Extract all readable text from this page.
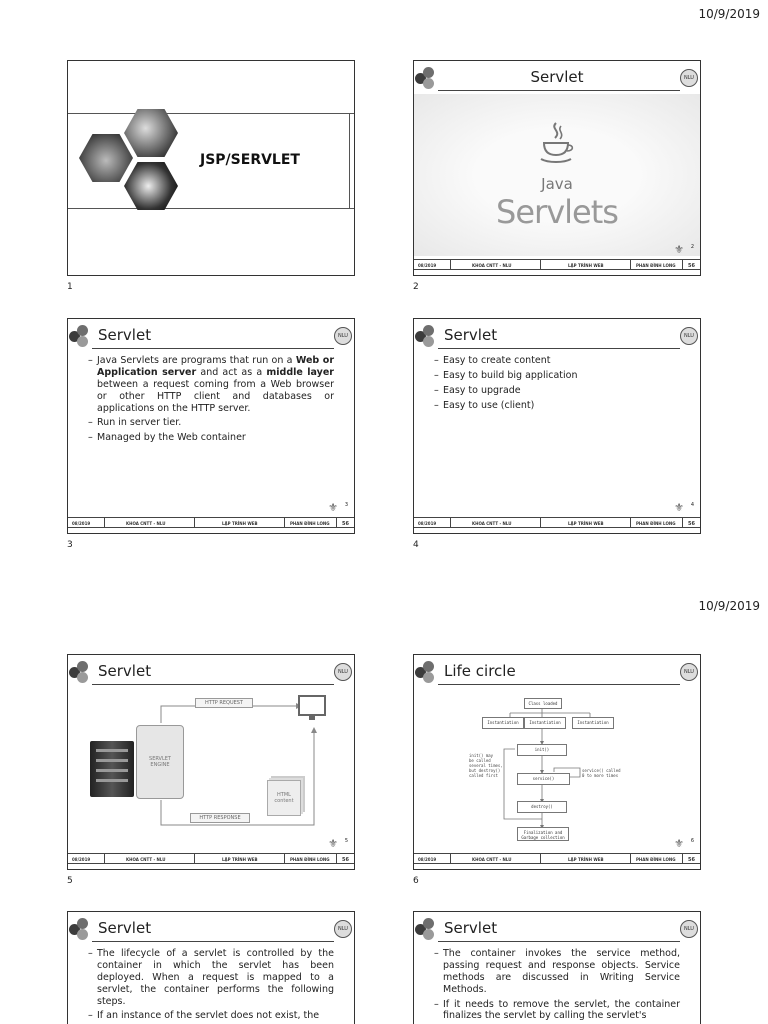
10/9/2019
10/9/2019
JSP/SERVLET
1
Servlet	NLU
Java
Servlets
⚜ 2
08/2019	KHOA CNTT - NLU	LẬP TRÌNH WEB	PHAN ĐÌNH LONG	56
2
Servlet	NLU
– Java Servlets are programs that run on a Web or Application server and act as a middle layer between a request coming from a Web browser or other HTTP client and databases or applications on the HTTP server.
– Run in server tier.
– Managed by the Web container
⚜ 3
08/2019	KHOA CNTT - NLU	LẬP TRÌNH WEB	PHAN ĐÌNH LONG	56
3
Servlet	NLU
– Easy to create content
– Easy to build big application
– Easy to upgrade
– Easy to use (client)
⚜ 4
08/2019	KHOA CNTT - NLU	LẬP TRÌNH WEB	PHAN ĐÌNH LONG	56
4
Servlet	NLU
HTTP REQUEST
HTTP RESPONSE
SERVLET
ENGINE
HTML
content
⚜ 5
08/2019	KHOA CNTT - NLU	LẬP TRÌNH WEB	PHAN ĐÌNH LONG	56
5
Life circle	NLU
Class loaded
Instantiation	Instantiation	Instantiation
init()
service()
destroy()
Finalization and
Garbage collection
init() may
be called
several times,
but destroy()
called first
service() called
0 to more times
⚜ 6
08/2019	KHOA CNTT - NLU	LẬP TRÌNH WEB	PHAN ĐÌNH LONG	56
6
Servlet	NLU
– The lifecycle of a servlet is controlled by the container in which the servlet has been deployed. When a request is mapped to a servlet, the container performs the following steps.
– If an instance of the servlet does not exist, the
Servlet	NLU
– The container invokes the service method, passing request and response objects. Service methods are discussed in Writing Service Methods.
– If it needs to remove the servlet, the container finalizes the servlet by calling the servlet's
